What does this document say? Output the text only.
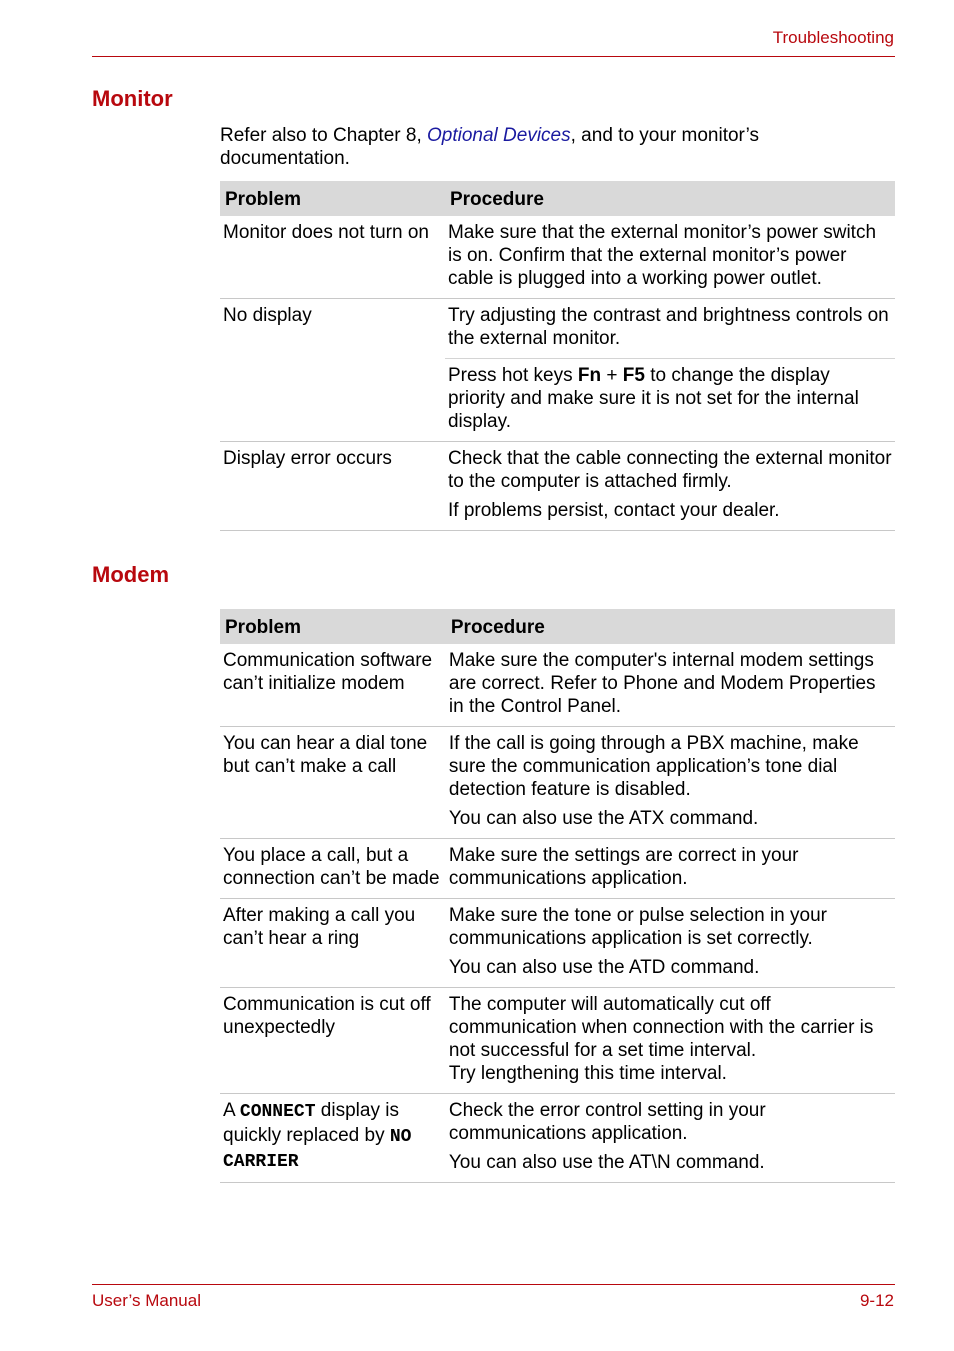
Troubleshooting
Monitor
Refer also to Chapter 8, Optional Devices, and to your monitor’s documentation.
Problem	Procedure
Monitor does not turn on	Make sure that the external monitor’s power switch is on. Confirm that the external monitor’s power cable is plugged into a working power outlet.
No display	Try adjusting the contrast and brightness controls on the external monitor.
	Press hot keys Fn + F5 to change the display priority and make sure it is not set for the internal display.
Display error occurs	Check that the cable connecting the external monitor to the computer is attached firmly.

If problems persist, contact your dealer.

Modem
Problem	Procedure
Communication software can’t initialize modem	Make sure the computer's internal modem settings are correct. Refer to Phone and Modem Properties in the Control Panel.
You can hear a dial tone but can’t make a call	If the call is going through a PBX machine, make sure the communication application’s tone dial detection feature is disabled.

You can also use the ATX command.

You place a call, but a connection can’t be made	Make sure the settings are correct in your communications application.
After making a call you can’t hear a ring	Make sure the tone or pulse selection in your communications application is set correctly.

You can also use the ATD command.

Communication is cut off unexpectedly	The computer will automatically cut off communication when connection with the carrier is not successful for a set time interval.
Try lengthening this time interval.

A CONNECT display is quickly replaced by NO CARRIER	Check the error control setting in your communications application.

You can also use the AT\N command.

User’s Manual	9-12
